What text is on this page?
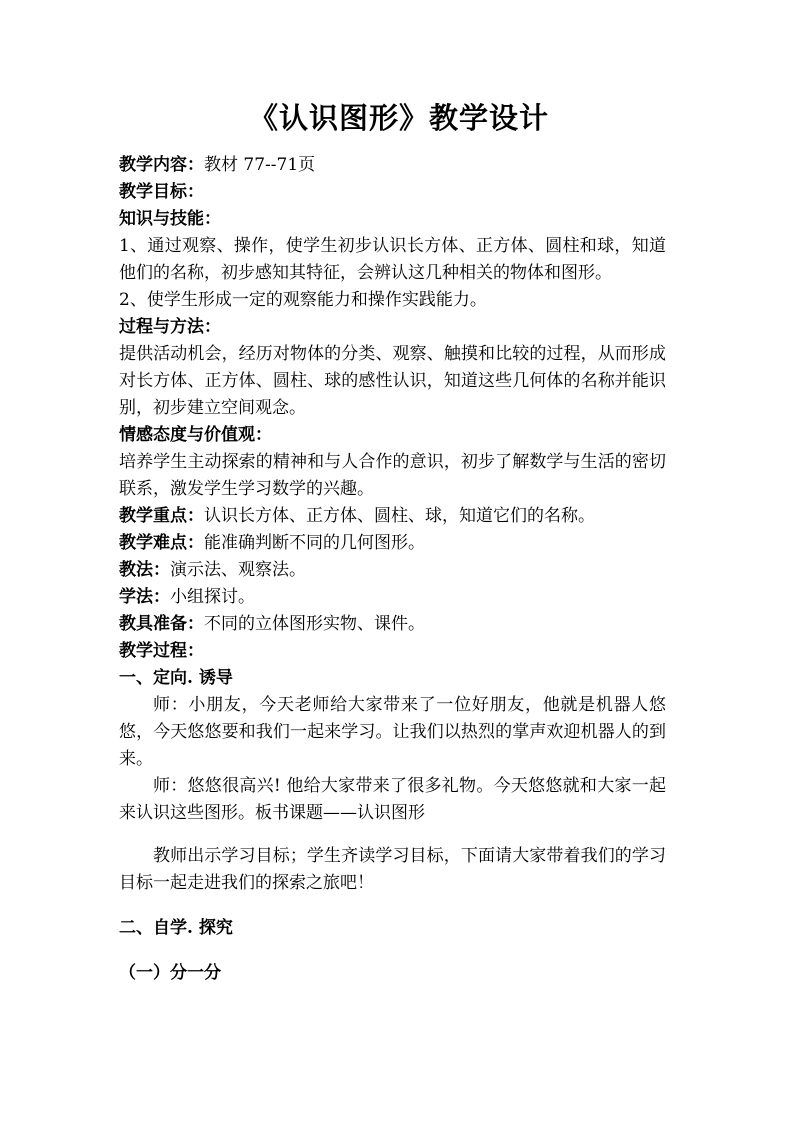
《认识图形》教学设计

教学内容：教材 77--71页

教学目标：

知识与技能：

1、通过观察、操作，使学生初步认识长方体、正方体、圆柱和球，知道他们的名称，初步感知其特征，会辨认这几种相关的物体和图形。

2、使学生形成一定的观察能力和操作实践能力。

过程与方法：

提供活动机会，经历对物体的分类、观察、触摸和比较的过程，从而形成对长方体、正方体、圆柱、球的感性认识，知道这些几何体的名称并能识别，初步建立空间观念。

情感态度与价值观：

培养学生主动探索的精神和与人合作的意识，初步了解数学与生活的密切联系，激发学生学习数学的兴趣。

教学重点：认识长方体、正方体、圆柱、球，知道它们的名称。

教学难点：能准确判断不同的几何图形。

教法：演示法、观察法。

学法：小组探讨。

教具准备：不同的立体图形实物、课件。

教学过程：

一、定向. 诱导

师：小朋友，今天老师给大家带来了一位好朋友，他就是机器人悠悠，今天悠悠要和我们一起来学习。让我们以热烈的掌声欢迎机器人的到来。

师：悠悠很高兴! 他给大家带来了很多礼物。今天悠悠就和大家一起来认识这些图形。板书课题——认识图形

教师出示学习目标；学生齐读学习目标，下面请大家带着我们的学习目标一起走进我们的探索之旅吧！

二、自学. 探究

（一）分一分
